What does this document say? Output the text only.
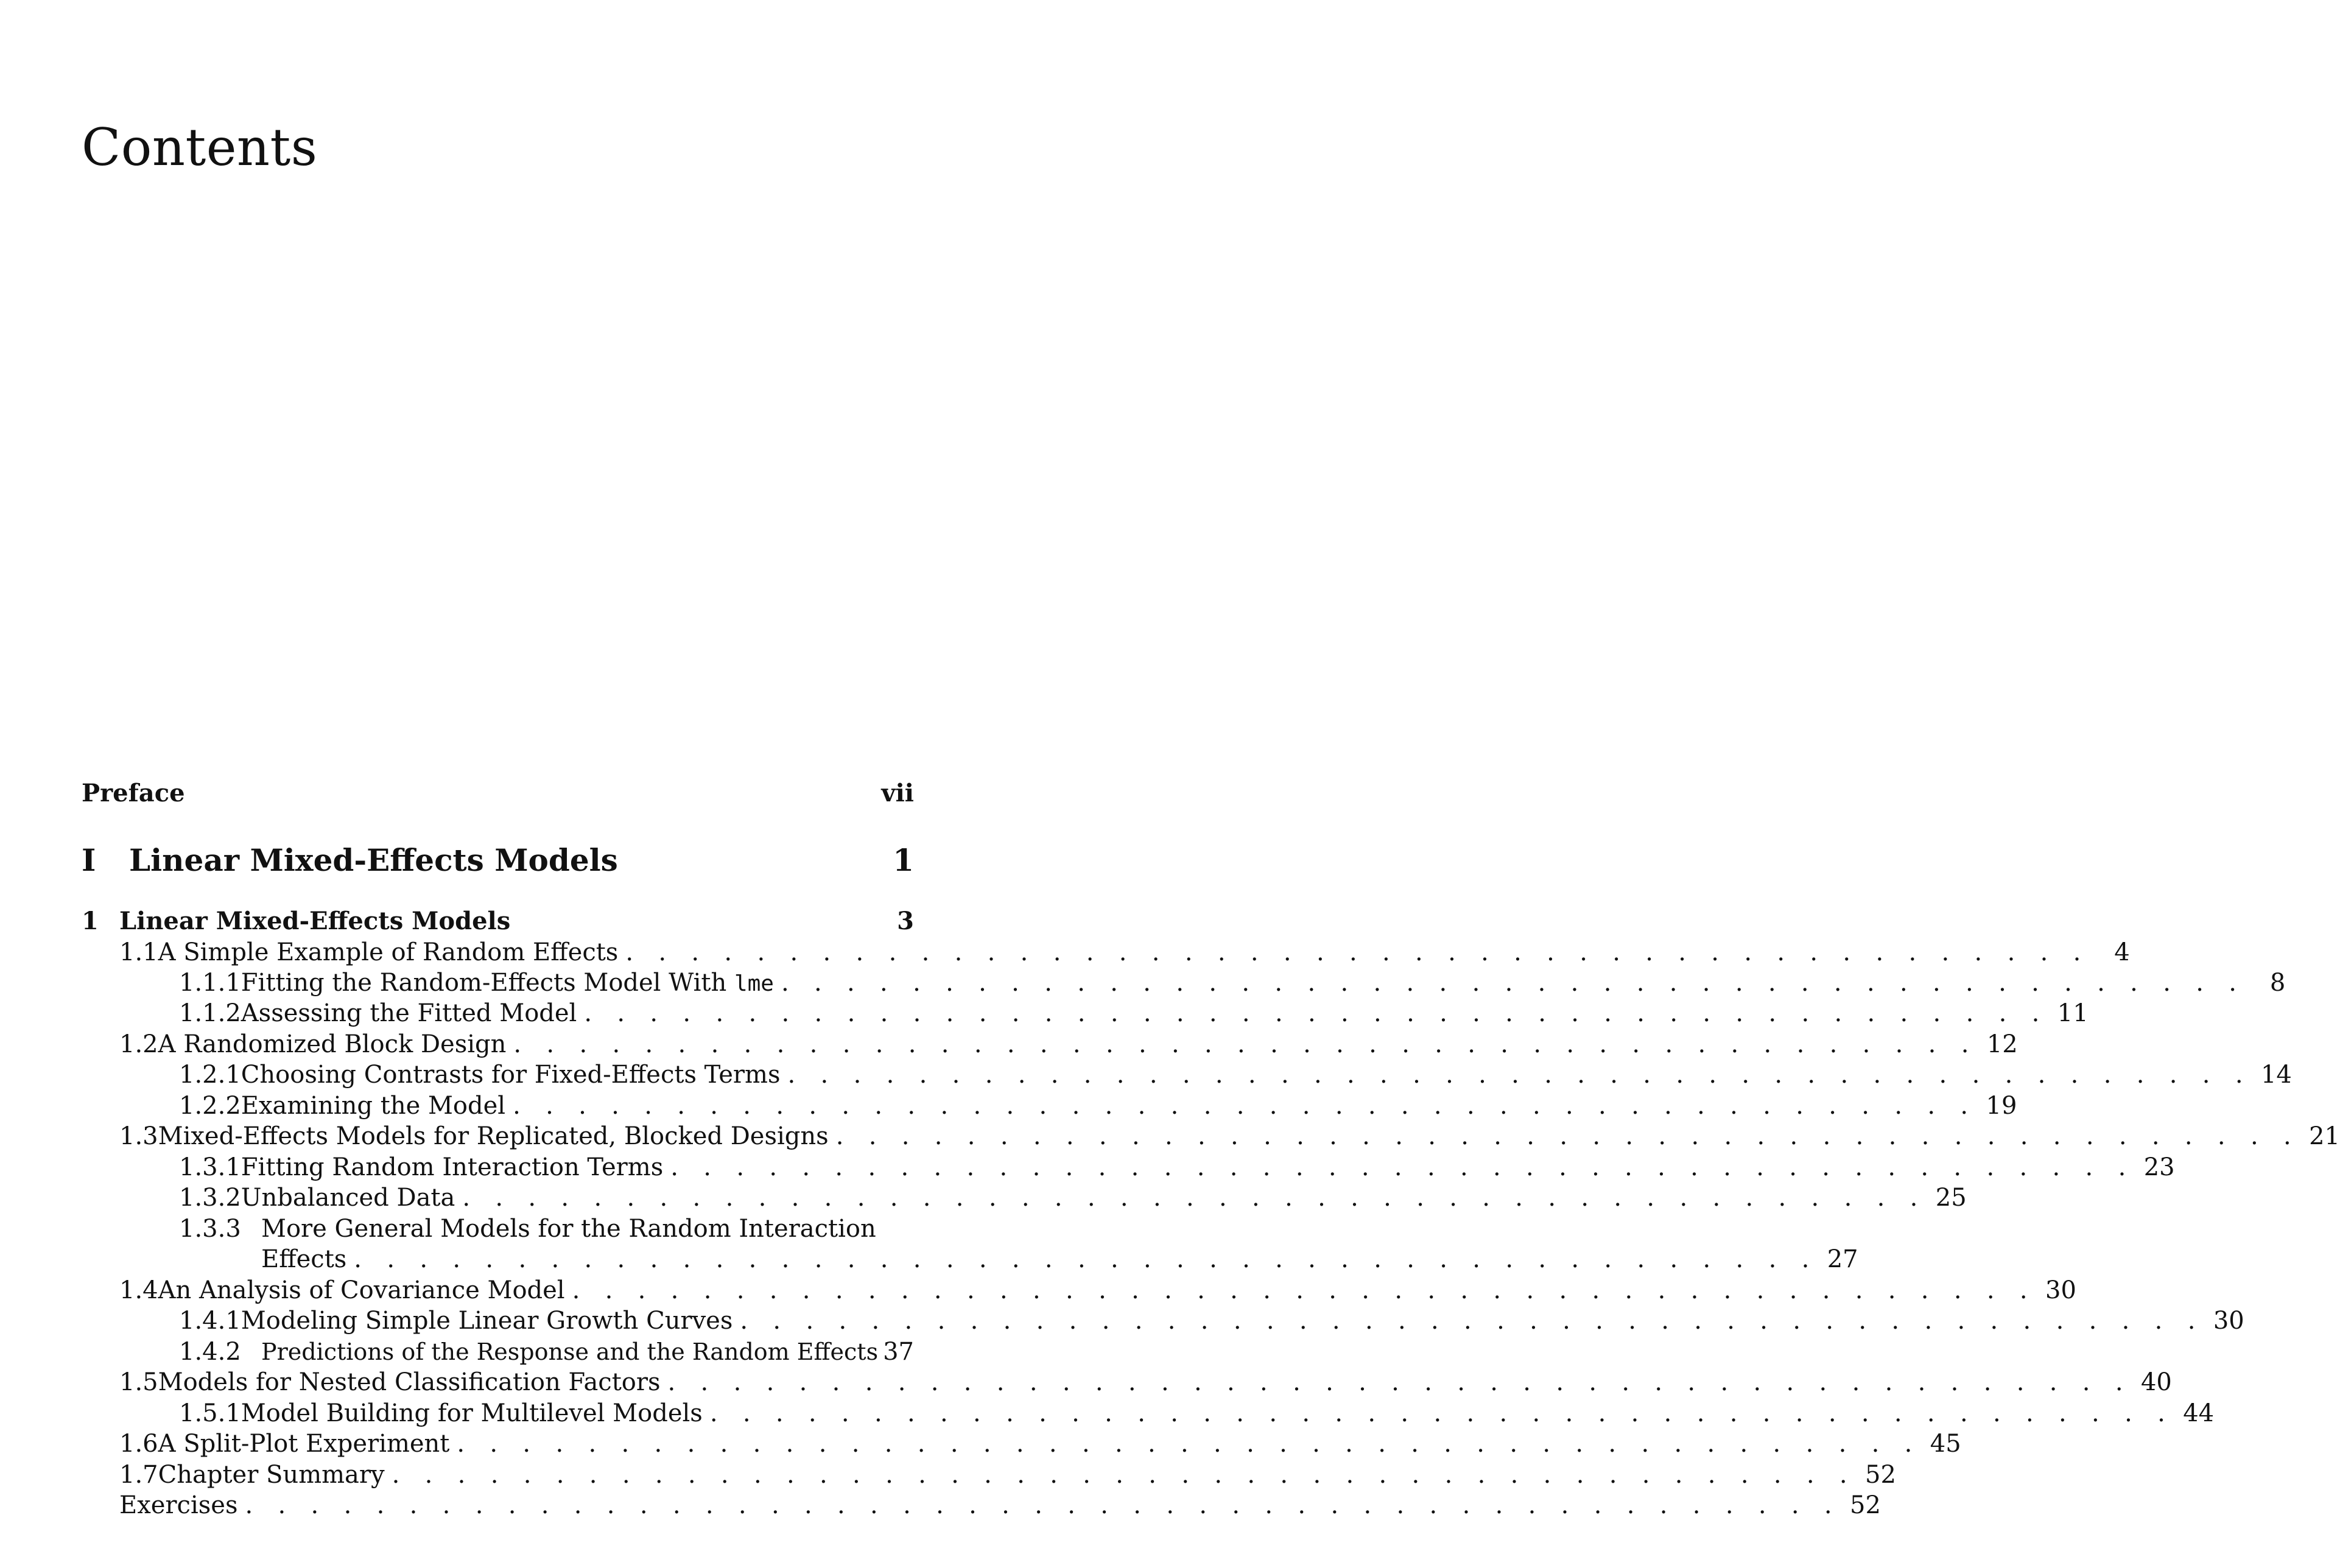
Contents
Preface	vii
I	Linear Mixed-Effects Models	1
1 Linear Mixed-Effects Models	3
1.1 A Simple Example of Random Effects . . . . . . . . . . . . . . . . . . . . . . . . . . . . . . . . . . . . . . . . . . . . .	4
1.1.1 Fitting the Random-Effects Model With lme . . . . . . . . . . . . . . . . . . . . . . . . . . . . . . . . . . . . . . . . . . . . .	8
1.1.2 Assessing the Fitted Model . . . . . . . . . . . . . . . . . . . . . . . . . . . . . . . . . . . . . . . . . . . . . 11
1.2 A Randomized Block Design . . . . . . . . . . . . . . . . . . . . . . . . . . . . . . . . . . . . . . . . . . . . . 12
1.2.1 Choosing Contrasts for Fixed-Effects Terms . . . . . . . . . . . . . . . . . . . . . . . . . . . . . . . . . . . . . . . . . . . . . 14
1.2.2 Examining the Model . . . . . . . . . . . . . . . . . . . . . . . . . . . . . . . . . . . . . . . . . . . . . 19
1.3 Mixed-Effects Models for Replicated, Blocked Designs . . . . . . . . . . . . . . . . . . . . . . . . . . . . . . . . . . . . . . . . . . . . . 21
1.3.1 Fitting Random Interaction Terms . . . . . . . . . . . . . . . . . . . . . . . . . . . . . . . . . . . . . . . . . . . . . 23
1.3.2 Unbalanced Data . . . . . . . . . . . . . . . . . . . . . . . . . . . . . . . . . . . . . . . . . . . . . 25
1.3.3 More General Models for the Random Interaction
Effects . . . . . . . . . . . . . . . . . . . . . . . . . . . . . . . . . . . . . . . . . . . . . 27
1.4 An Analysis of Covariance Model . . . . . . . . . . . . . . . . . . . . . . . . . . . . . . . . . . . . . . . . . . . . . 30
1.4.1 Modeling Simple Linear Growth Curves . . . . . . . . . . . . . . . . . . . . . . . . . . . . . . . . . . . . . . . . . . . . . 30
1.4.2 Predictions of the Response and the Random Effects 37
1.5 Models for Nested Classification Factors . . . . . . . . . . . . . . . . . . . . . . . . . . . . . . . . . . . . . . . . . . . . . 40
1.5.1 Model Building for Multilevel Models . . . . . . . . . . . . . . . . . . . . . . . . . . . . . . . . . . . . . . . . . . . . . 44
1.6 A Split-Plot Experiment . . . . . . . . . . . . . . . . . . . . . . . . . . . . . . . . . . . . . . . . . . . . . 45
1.7 Chapter Summary . . . . . . . . . . . . . . . . . . . . . . . . . . . . . . . . . . . . . . . . . . . . . 52
Exercises . . . . . . . . . . . . . . . . . . . . . . . . . . . . . . . . . . . . . . . . . . . . . . . . . 52
